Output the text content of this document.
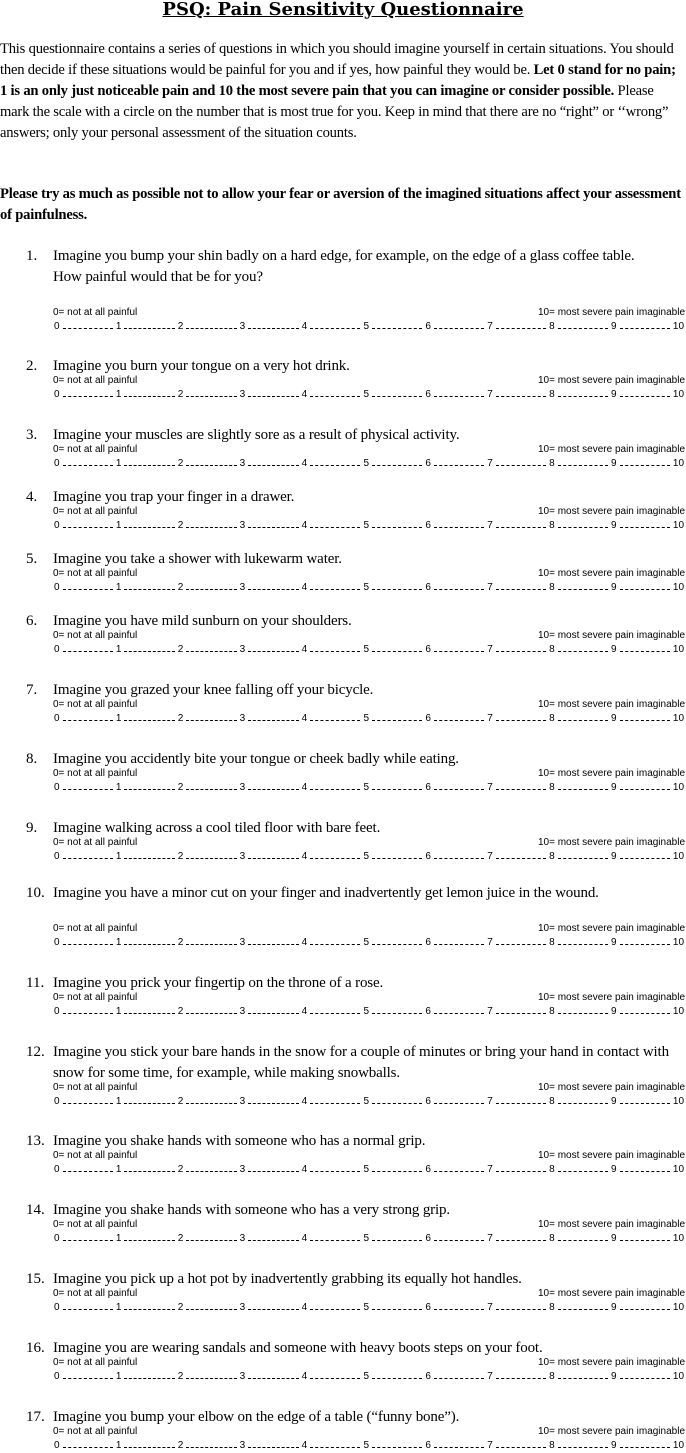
PSQ: Pain Sensitivity Questionnaire
This questionnaire contains a series of questions in which you should imagine yourself in certain situations. You should then decide if these situations would be painful for you and if yes, how painful they would be. Let 0 stand for no pain; 1 is an only just noticeable pain and 10 the most severe pain that you can imagine or consider possible. Please mark the scale with a circle on the number that is most true for you. Keep in mind that there are no “right” or ‘‘wrong” answers; only your personal assessment of the situation counts.
Please try as much as possible not to allow your fear or aversion of the imagined situations affect your assessment of painfulness.
1. Imagine you bump your shin badly on a hard edge, for example, on the edge of a glass coffee table.
How painful would that be for you?
0= not at all painful	10= most severe pain imaginable
0	1	2	3	4	5	6	7	8	9	10
2. Imagine you burn your tongue on a very hot drink.
0= not at all painful	10= most severe pain imaginable
0	1	2	3	4	5	6	7	8	9	10
3. Imagine your muscles are slightly sore as a result of physical activity.
0= not at all painful	10= most severe pain imaginable
0	1	2	3	4	5	6	7	8	9	10
4. Imagine you trap your finger in a drawer.
0= not at all painful	10= most severe pain imaginable
0	1	2	3	4	5	6	7	8	9	10
5. Imagine you take a shower with lukewarm water.
0= not at all painful	10= most severe pain imaginable
0	1	2	3	4	5	6	7	8	9	10
6. Imagine you have mild sunburn on your shoulders.
0= not at all painful	10= most severe pain imaginable
0	1	2	3	4	5	6	7	8	9	10
7. Imagine you grazed your knee falling off your bicycle.
0= not at all painful	10= most severe pain imaginable
0	1	2	3	4	5	6	7	8	9	10
8. Imagine you accidently bite your tongue or cheek badly while eating.
0= not at all painful	10= most severe pain imaginable
0	1	2	3	4	5	6	7	8	9	10
9. Imagine walking across a cool tiled floor with bare feet.
0= not at all painful	10= most severe pain imaginable
0	1	2	3	4	5	6	7	8	9	10
10. Imagine you have a minor cut on your finger and inadvertently get lemon juice in the wound.
0= not at all painful	10= most severe pain imaginable
0	1	2	3	4	5	6	7	8	9	10
11. Imagine you prick your fingertip on the throne of a rose.
0= not at all painful	10= most severe pain imaginable
0	1	2	3	4	5	6	7	8	9	10
12. Imagine you stick your bare hands in the snow for a couple of minutes or bring your hand in contact with snow for some time, for example, while making snowballs.
0= not at all painful	10= most severe pain imaginable
0	1	2	3	4	5	6	7	8	9	10
13. Imagine you shake hands with someone who has a normal grip.
0= not at all painful	10= most severe pain imaginable
0	1	2	3	4	5	6	7	8	9	10
14. Imagine you shake hands with someone who has a very strong grip.
0= not at all painful	10= most severe pain imaginable
0	1	2	3	4	5	6	7	8	9	10
15. Imagine you pick up a hot pot by inadvertently grabbing its equally hot handles.
0= not at all painful	10= most severe pain imaginable
0	1	2	3	4	5	6	7	8	9	10
16. Imagine you are wearing sandals and someone with heavy boots steps on your foot.
0= not at all painful	10= most severe pain imaginable
0	1	2	3	4	5	6	7	8	9	10
17. Imagine you bump your elbow on the edge of a table (“funny bone”).
0= not at all painful	10= most severe pain imaginable
0	1	2	3	4	5	6	7	8	9	10
